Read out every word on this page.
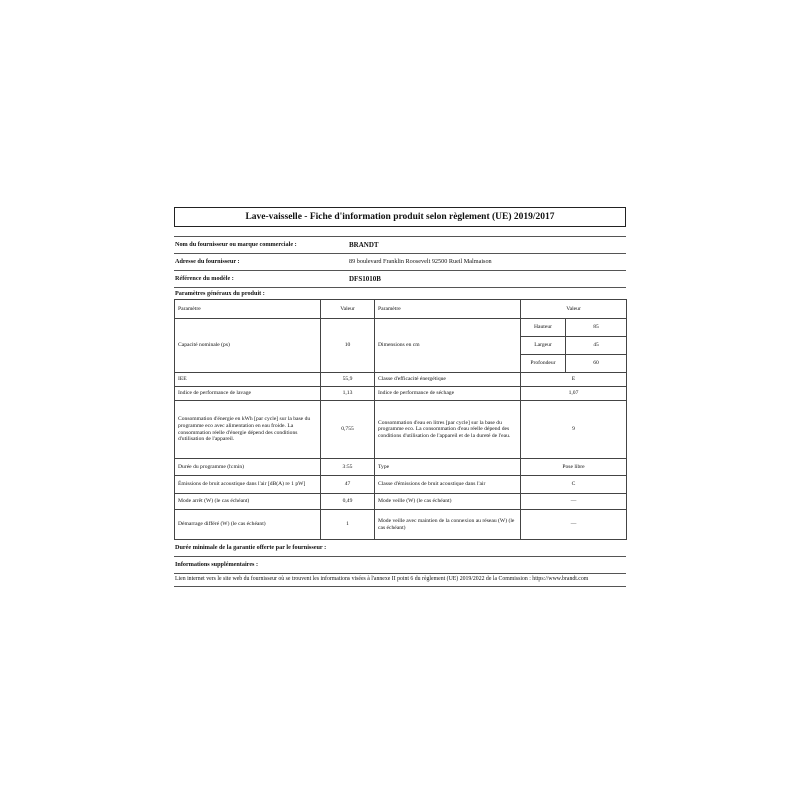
Lave-vaisselle - Fiche d'information produit selon règlement (UE) 2019/2017
Nom du fournisseur ou marque commerciale :	BRANDT
Adresse du fournisseur :	89 boulevard Franklin Roosevelt 92500 Rueil Malmaison
Référence du modèle :	DFS1010B
Paramètres généraux du produit :
Paramètre	Valeur	Paramètre	Valeur	
Capacité nominale (ps)	10	Dimensions en cm	Hauteur	85
			Largeur	45
			Profondeur	60
IEE	55,9	Classe d'efficacité énergétique	E	
Indice de performance de lavage	1,13	Indice de performance de séchage	1,07	
Consommation d'énergie en kWh [par cycle] sur la base du programme eco avec alimentation en eau froide. La consommation réelle d'énergie dépend des conditions d'utilisation de l'appareil.	0,755	Consommation d'eau en litres [par cycle] sur la base du programme eco. La consommation d'eau réelle dépend des conditions d'utilisation de l'appareil et de la dureté de l'eau.	9	
Durée du programme (h:min)	3:55	Type	Pose libre	
Émissions de bruit acoustique dans l'air [dB(A) re 1 pW]	47	Classe d'émissions de bruit acoustique dans l'air	C	
Mode arrêt (W) (le cas échéant)	0,49	Mode veille (W) (le cas échéant)	—	
Démarrage différé (W) (le cas échéant)	1	Mode veille avec maintien de la connexion au réseau (W) (le cas échéant)	—	
Durée minimale de la garantie offerte par le fournisseur :
Informations supplémentaires :
Lien internet vers le site web du fournisseur où se trouvent les informations visées à l'annexe II point 6 du règlement (UE) 2019/2022 de la Commission : https://www.brandt.com
